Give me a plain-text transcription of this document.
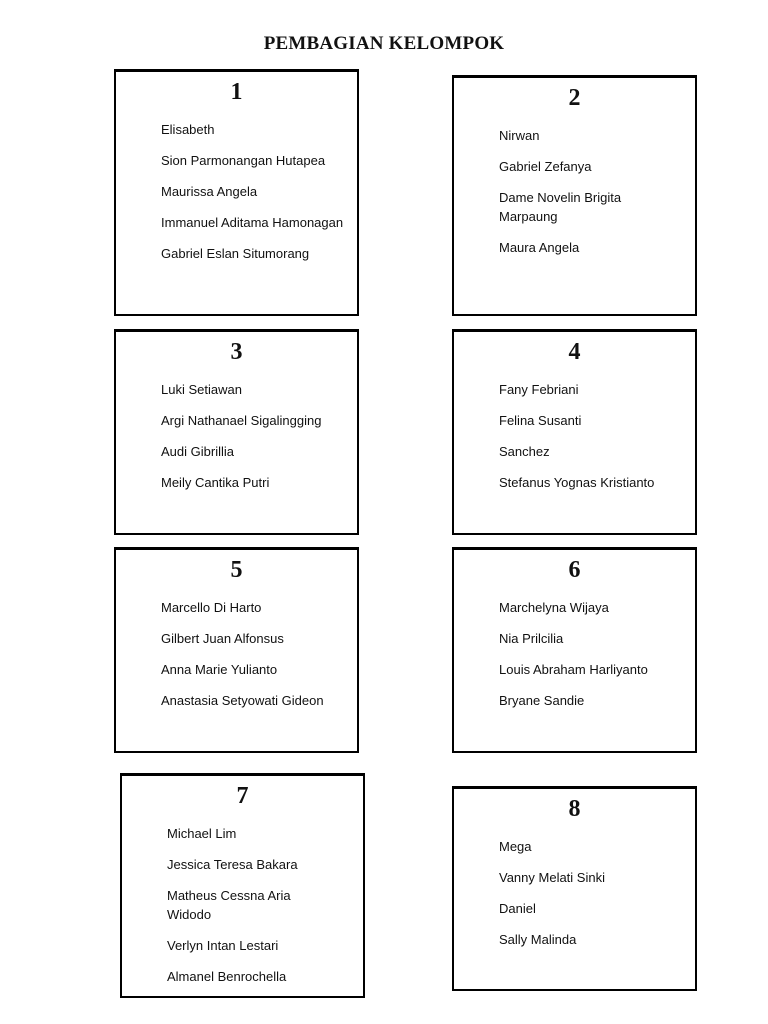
PEMBAGIAN KELOMPOK
1
Elisabeth
Sion Parmonangan Hutapea
Maurissa Angela
Immanuel Aditama Hamonagan
Gabriel Eslan Situmorang
2
Nirwan
Gabriel Zefanya
Dame Novelin Brigita Marpaung
Maura Angela
3
Luki Setiawan
Argi Nathanael Sigalingging
Audi Gibrillia
Meily Cantika Putri
4
Fany Febriani
Felina Susanti
Sanchez
Stefanus Yognas Kristianto
5
Marcello Di Harto
Gilbert Juan Alfonsus
Anna Marie Yulianto
Anastasia Setyowati Gideon
6
Marchelyna Wijaya
Nia Prilcilia
Louis Abraham Harliyanto
Bryane Sandie
7
Michael Lim
Jessica Teresa Bakara
Matheus Cessna Aria Widodo
Verlyn Intan Lestari
Almanel Benrochella
8
Mega
Vanny Melati Sinki
Daniel
Sally Malinda
